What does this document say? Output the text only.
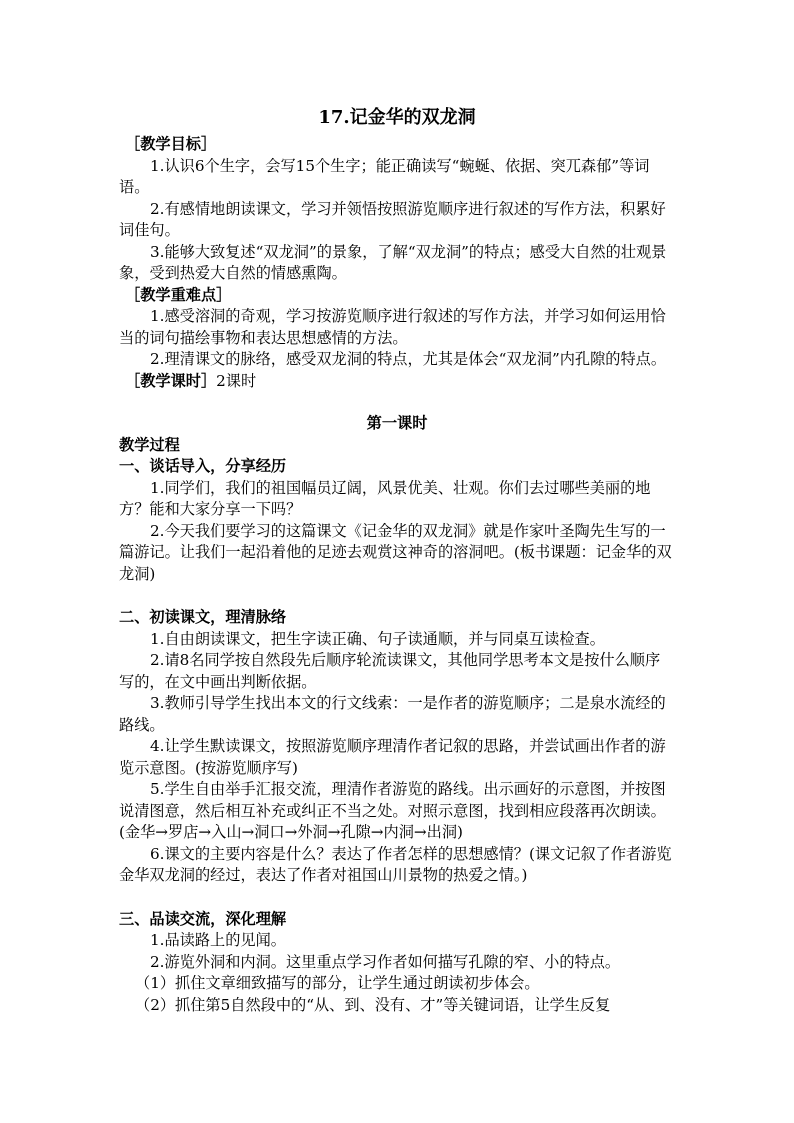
17.记金华的双龙洞

［教学目标］

1.认识6个生字，会写15个生字；能正确读写“蜿蜒、依据、突兀森郁”等词语。

2.有感情地朗读课文，学习并领悟按照游览顺序进行叙述的写作方法，积累好词佳句。

3.能够大致复述“双龙洞”的景象，了解“双龙洞”的特点；感受大自然的壮观景象，受到热爱大自然的情感熏陶。

［教学重难点］

1.感受溶洞的奇观，学习按游览顺序进行叙述的写作方法，并学习如何运用恰当的词句描绘事物和表达思想感情的方法。

2.理清课文的脉络，感受双龙洞的特点，尤其是体会“双龙洞”内孔隙的特点。

［教学课时］2课时

第一课时

教学过程

一、谈话导入，分享经历

1.同学们，我们的祖国幅员辽阔，风景优美、壮观。你们去过哪些美丽的地方？能和大家分享一下吗？

2.今天我们要学习的这篇课文《记金华的双龙洞》就是作家叶圣陶先生写的一篇游记。让我们一起沿着他的足迹去观赏这神奇的溶洞吧。(板书课题：记金华的双龙洞)

二、初读课文，理清脉络

1.自由朗读课文，把生字读正确、句子读通顺，并与同桌互读检查。

2.请8名同学按自然段先后顺序轮流读课文，其他同学思考本文是按什么顺序写的，在文中画出判断依据。

3.教师引导学生找出本文的行文线索：一是作者的游览顺序；二是泉水流经的路线。

4.让学生默读课文，按照游览顺序理清作者记叙的思路，并尝试画出作者的游览示意图。(按游览顺序写)

5.学生自由举手汇报交流，理清作者游览的路线。出示画好的示意图，并按图说清图意，然后相互补充或纠正不当之处。对照示意图，找到相应段落再次朗读。(金华→罗店→入山→洞口→外洞→孔隙→内洞→出洞)

6.课文的主要内容是什么？表达了作者怎样的思想感情？(课文记叙了作者游览金华双龙洞的经过，表达了作者对祖国山川景物的热爱之情。)

三、品读交流，深化理解

1.品读路上的见闻。

2.游览外洞和内洞。这里重点学习作者如何描写孔隙的窄、小的特点。

（1）抓住文章细致描写的部分，让学生通过朗读初步体会。

（2）抓住第5自然段中的“从、到、没有、才”等关键词语，让学生反复
